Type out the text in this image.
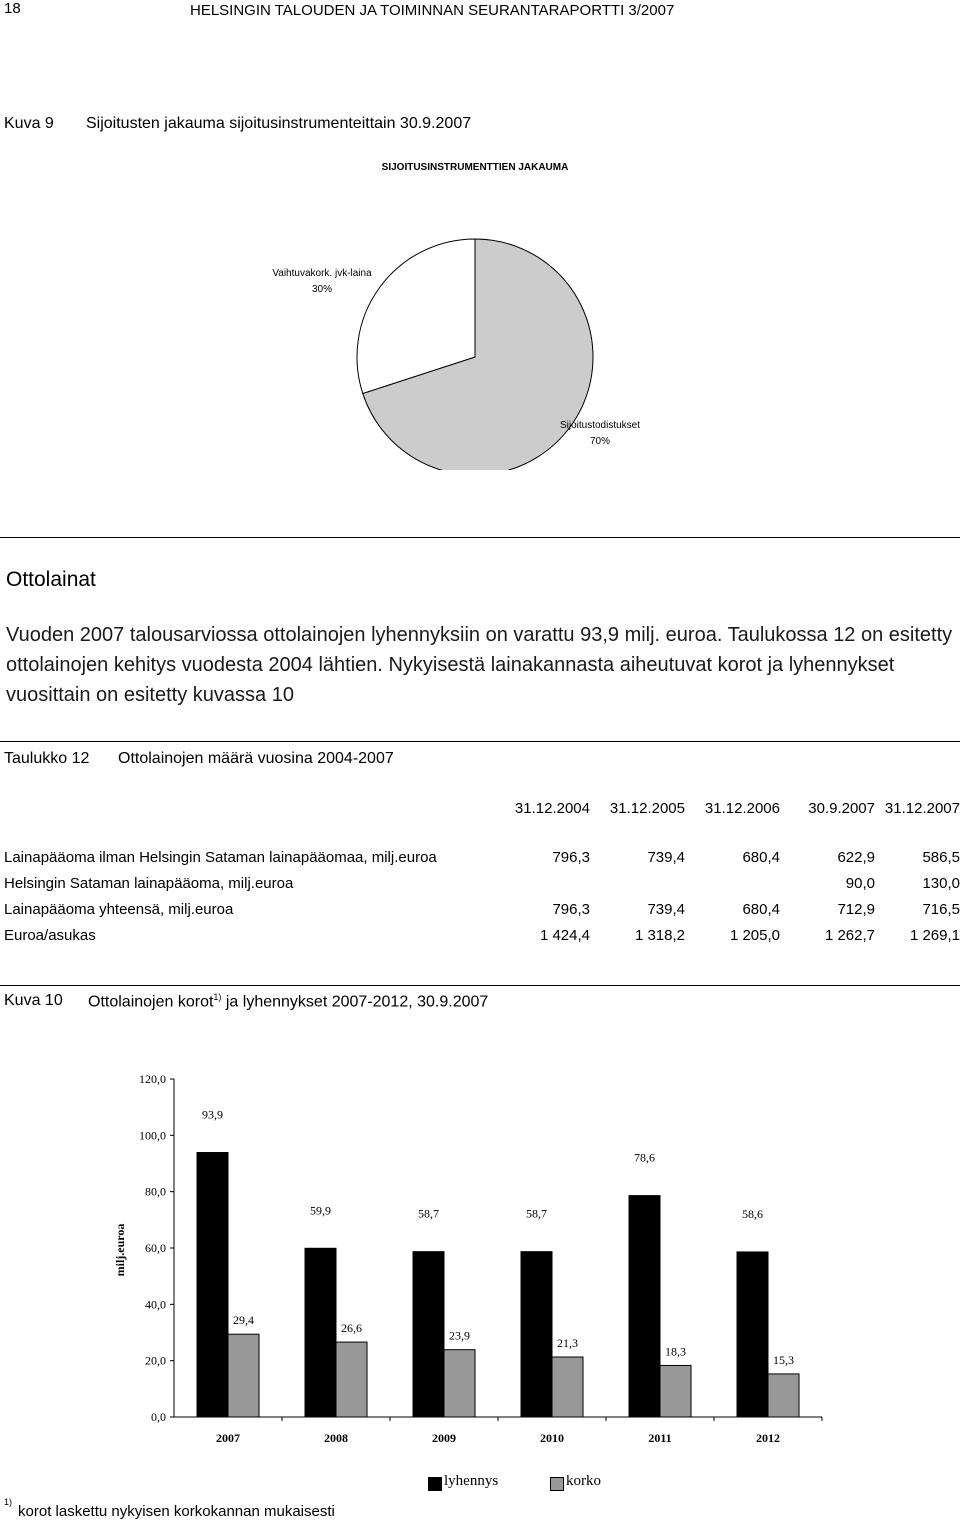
18	HELSINGIN TALOUDEN JA TOIMINNAN SEURANTARAPORTTI 3/2007
Kuva 9 Sijoitusten jakauma sijoitusinstrumenteittain 30.9.2007
SIJOITUSINSTRUMENTTIEN JAKAUMA
Sijoitustodistukset
70%
Vaihtuvakork. jvk-laina
30%
Ottolainat
Vuoden 2007 talousarviossa ottolainojen lyhennyksiin on varattu 93,9 milj. euroa. Taulukossa 12 on esitetty ottolainojen kehitys vuodesta 2004 lähtien. Nykyisestä lainakannasta aiheutuvat korot ja lyhennykset vuosittain on esitetty kuvassa 10
Taulukko 12 Ottolainojen määrä vuosina 2004-2007
	31.12.2004	31.12.2005	31.12.2006	30.9.2007	31.12.2007

Lainapääoma ilman Helsingin Sataman lainapääomaa, milj.euroa	796,3	739,4	680,4	622,9	586,5
Helsingin Sataman lainapääoma, milj.euroa				90,0	130,0
Lainapääoma yhteensä, milj.euroa	796,3	739,4	680,4	712,9	716,5
Euroa/asukas	1 424,4	1 318,2	1 205,0	1 262,7	1 269,1
Kuva 10 Ottolainojen korot$^{1)}$ ja lyhennykset 2007-2012, 30.9.2007
0,0
20,0
40,0
60,0
80,0
100,0
120,0
milj.euroa
93,9
29,4
2007
59,9
26,6
2008
58,7
23,9
2009
58,7
21,3
2010
78,6
18,3
2011
58,6
15,3
2012
lyhennys	korko
$^{1)}$korot laskettu nykyisen korkokannan mukaisesti
